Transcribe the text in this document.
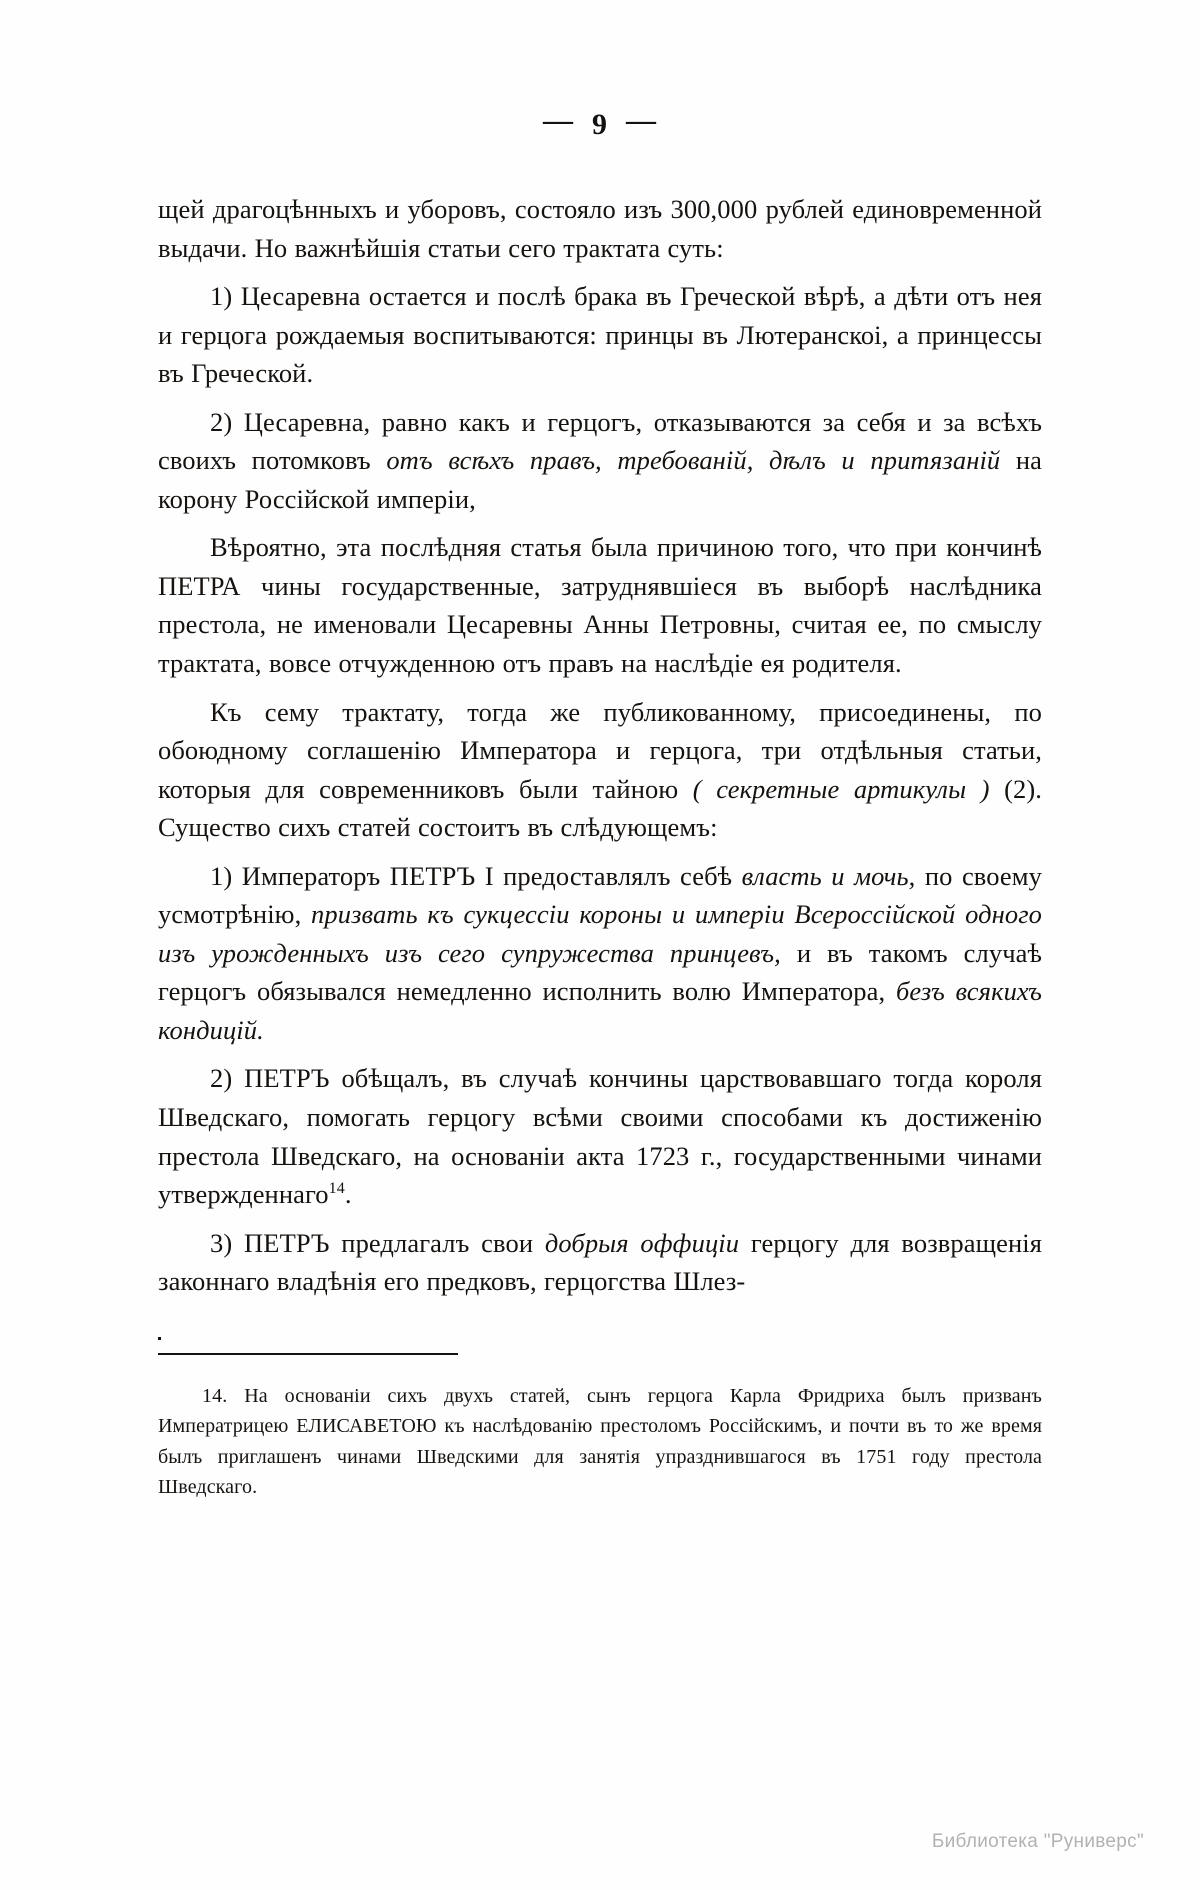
— 9 —

щей драгоцѣнныхъ и уборовъ, состояло изъ 300,000 рублей единовременной выдачи. Но важнѣйшія статьи сего трактата суть:

1) Цесаревна остается и послѣ брака въ Греческой вѣрѣ, а дѣти отъ нея и герцога рождаемыя воспитываются: принцы въ Лютеранскоі, а принцессы въ Греческой.

2) Цесаревна, равно какъ и герцогъ, отказываются за себя и за всѣхъ своихъ потомковъ отъ всѣхъ правъ, требованій, дѣлъ и притязаній на корону Россійской имперіи,

Вѣроятно, эта послѣдняя статья была причиною того, что при кончинѣ ПЕТРА чины государственные, затруднявшіеся въ выборѣ наслѣдника престола, не именовали Цесаревны Анны Петровны, считая ее, по смыслу трактата, вовсе отчужденною отъ правъ на наслѣдіе ея родителя.

Къ сему трактату, тогда же публикованному, присоединены, по обоюдному соглашенію Императора и герцога, три отдѣльныя статьи, которыя для современниковъ были тайною ( секретные артикулы ) (2). Существо сихъ статей состоитъ въ слѣдующемъ:

1) Императоръ ПЕТРЪ I предоставлялъ себѣ власть и мочь, по своему усмотрѣнію, призвать къ сукцессіи короны и имперіи Всероссійской одного изъ урожденныхъ изъ сего супружества принцевъ, и въ такомъ случаѣ герцогъ обязывался немедленно исполнить волю Императора, безъ всякихъ кондицій.

2) ПЕТРЪ обѣщалъ, въ случаѣ кончины царствовавшаго тогда короля Шведскаго, помогать герцогу всѣми своими способами къ достиженію престола Шведскаго, на основаніи акта 1723 г., государственными чинами утвержденнаго$^{14}$.

3) ПЕТРЪ предлагалъ свои добрыя оффиціи герцогу для возвращенія законнаго владѣнія его предковъ, герцогства Шлез-

14. На основаніи сихъ двухъ статей, сынъ герцога Карла Фридриха былъ призванъ Императрицею ЕЛИСАВЕТОЮ къ наслѣдованію престоломъ Россійскимъ, и почти въ то же время былъ приглашенъ чинами Шведскими для занятія упразднившагося въ 1751 году престола Шведскаго.
Библиотека "Руниверс"
